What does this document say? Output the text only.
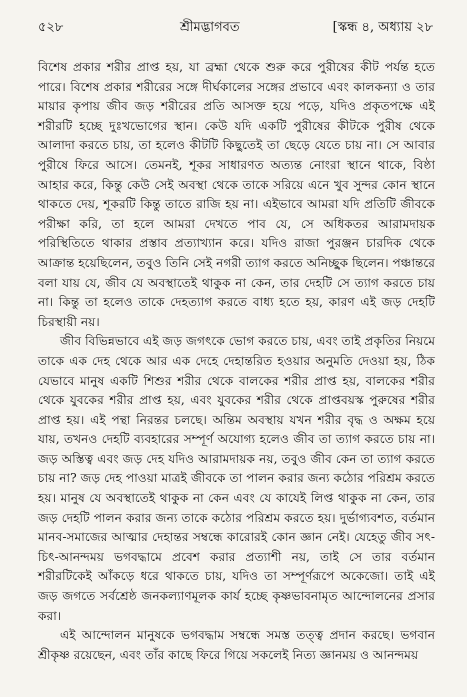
৫২৮	শ্রীমদ্ভাগবত	[স্কন্ধ ৪, অধ্যায় ২৮

বিশেষ প্রকার শরীর প্রাপ্ত হয়, যা ব্রহ্মা থেকে শুরু করে পুরীষের কীট পর্যন্ত হতে পারে। বিশেষ প্রকার শরীরের সঙ্গে দীর্ঘকালের সঙ্গের প্রভাবে এবং কালকন্যা ও তার মায়ার কৃপায় জীব জড় শরীরের প্রতি আসক্ত হয়ে পড়ে, যদিও প্রকৃতপক্ষে এই শরীরটি হচ্ছে দুঃখভোগের স্থান। কেউ যদি একটি পুরীষের কীটকে পুরীষ থেকে আলাদা করতে চায়, তা হলেও কীটটি কিছুতেই তা ছেড়ে যেতে চায় না। সে আবার পুরীষে ফিরে আসে। তেমনই, শূকর সাধারণত অত্যন্ত নোংরা স্থানে থাকে, বিষ্ঠা আহার করে, কিন্তু কেউ সেই অবস্থা থেকে তাকে সরিয়ে এনে খুব সুন্দর কোন স্থানে থাকতে দেয়, শূকরটি কিন্তু তাতে রাজি হয় না। এইভাবে আমরা যদি প্রতিটি জীবকে পরীক্ষা করি, তা হলে আমরা দেখতে পাব যে, সে অধিকতর আরামদায়ক পরিস্থিতিতে থাকার প্রস্তাব প্রত্যাখ্যান করে। যদিও রাজা পুরঞ্জন চারদিক থেকে আক্রান্ত হয়েছিলেন, তবুও তিনি সেই নগরী ত্যাগ করতে অনিচ্ছুক ছিলেন। পঞ্চান্তরে বলা যায় যে, জীব যে অবস্থাতেই থাকুক না কেন, তার দেহটি সে ত্যাগ করতে চায় না। কিন্তু তা হলেও তাকে দেহত্যাগ করতে বাধ্য হতে হয়, কারণ এই জড় দেহটি চিরস্থায়ী নয়।

জীব বিভিন্নভাবে এই জড় জগৎকে ভোগ করতে চায়, এবং তাই প্রকৃতির নিয়মে তাকে এক দেহ থেকে আর এক দেহে দেহান্তরিত হওয়ার অনুমতি দেওয়া হয়, ঠিক যেভাবে মানুষ একটি শিশুর শরীর থেকে বালকের শরীর প্রাপ্ত হয়, বালকের শরীর থেকে যুবকের শরীর প্রাপ্ত হয়, এবং যুবকের শরীর থেকে প্রাপ্তবয়স্ক পুরুষের শরীর প্রাপ্ত হয়। এই পন্থা নিরন্তর চলছে। অন্তিম অবস্থায় যখন শরীর বৃদ্ধ ও অক্ষম হয়ে যায়, তখনও দেহটি ব্যবহারের সম্পূর্ণ অযোগ্য হলেও জীব তা ত্যাগ করতে চায় না। জড় অস্তিত্ব এবং জড় দেহ যদিও আরামদায়ক নয়, তবুও জীব কেন তা ত্যাগ করতে চায় না? জড় দেহ পাওয়া মাত্রই জীবকে তা পালন করার জন্য কঠোর পরিশ্রম করতে হয়। মানুষ যে অবস্থাতেই থাকুক না কেন এবং যে কাযেই লিপ্ত থাকুক না কেন, তার জড় দেহটি পালন করার জন্য তাকে কঠোর পরিশ্রম করতে হয়। দুর্ভাগ্যবশত, বর্তমান মানব-সমাজের আত্মার দেহান্তর সম্বন্ধে কারোরই কোন জ্ঞান নেই। যেহেতু জীব সৎ-চিৎ-আনন্দময় ভগবদ্ধামে প্রবেশ করার প্রত্যাশী নয়, তাই সে তার বর্তমান শরীরটিকেই আঁকড়ে ধরে থাকতে চায়, যদিও তা সম্পূর্ণরূপে অকেজো। তাই এই জড় জগতে সর্বশ্রেষ্ঠ জনকল্যাণমূলক কার্য হচ্ছে কৃষ্ণভাবনামৃত আন্দোলনের প্রসার করা।

এই আন্দোলন মানুষকে ভগবদ্ধাম সম্বন্ধে সমস্ত তত্ত্ব প্রদান করছে। ভগবান শ্রীকৃষ্ণ রয়েছেন, এবং তাঁর কাছে ফিরে গিয়ে সকলেই নিত্য জ্ঞানময় ও আনন্দময়
